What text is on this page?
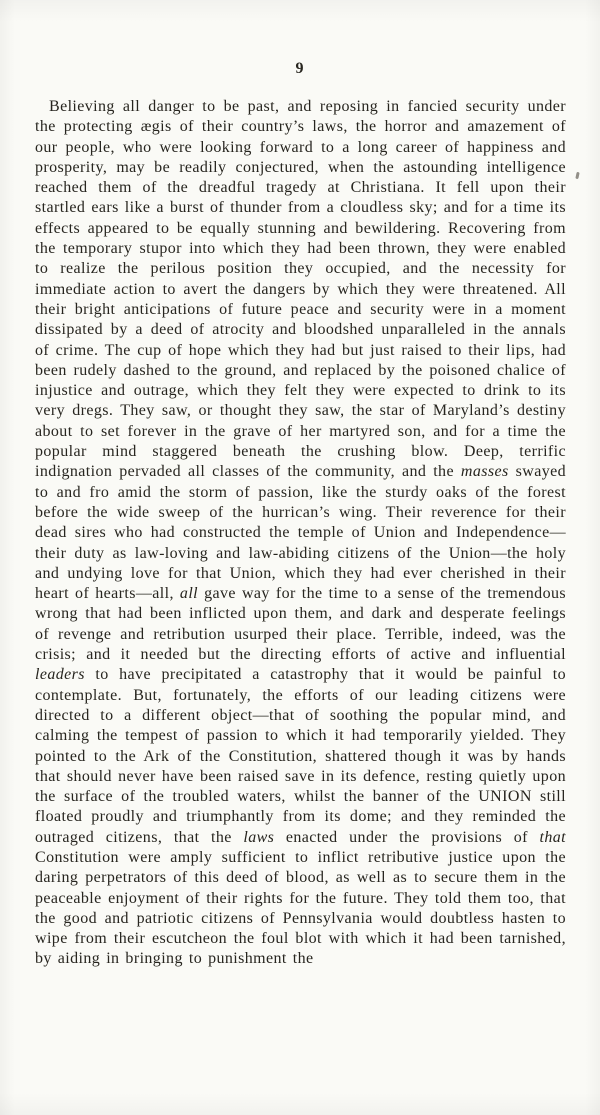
9

Believing all danger to be past, and reposing in fancied security under the protecting ægis of their country’s laws, the horror and amazement of our people, who were looking forward to a long career of happiness and prosperity, may be readily conjectured, when the astounding intelligence reached them of the dreadful tragedy at Christiana. It fell upon their startled ears like a burst of thunder from a cloudless sky; and for a time its effects appeared to be equally stunning and bewildering. Recovering from the temporary stupor into which they had been thrown, they were enabled to realize the perilous position they occupied, and the necessity for immediate action to avert the dangers by which they were threatened. All their bright anticipations of future peace and security were in a moment dissipated by a deed of atrocity and bloodshed unparalleled in the annals of crime. The cup of hope which they had but just raised to their lips, had been rudely dashed to the ground, and replaced by the poisoned chalice of injustice and outrage, which they felt they were expected to drink to its very dregs. They saw, or thought they saw, the star of Maryland’s destiny about to set forever in the grave of her martyred son, and for a time the popular mind staggered beneath the crushing blow. Deep, terrific indignation pervaded all classes of the community, and the masses swayed to and fro amid the storm of passion, like the sturdy oaks of the forest before the wide sweep of the hurrican’s wing. Their reverence for their dead sires who had constructed the temple of Union and Independence—their duty as law-loving and law-abiding citizens of the Union—the holy and undying love for that Union, which they had ever cherished in their heart of hearts—all, all gave way for the time to a sense of the tremendous wrong that had been inflicted upon them, and dark and desperate feelings of revenge and retribution usurped their place. Terrible, indeed, was the crisis; and it needed but the directing efforts of active and influential leaders to have precipitated a catastrophy that it would be painful to contemplate. But, fortunately, the efforts of our leading citizens were directed to a different object—that of soothing the popular mind, and calming the tempest of passion to which it had temporarily yielded. They pointed to the Ark of the Constitution, shattered though it was by hands that should never have been raised save in its defence, resting quietly upon the surface of the troubled waters, whilst the banner of the UNION still floated proudly and triumphantly from its dome; and they reminded the outraged citizens, that the laws enacted under the provisions of that Constitution were amply sufficient to inflict retributive justice upon the daring perpetrators of this deed of blood, as well as to secure them in the peaceable enjoyment of their rights for the future. They told them too, that the good and patriotic citizens of Pennsylvania would doubtless hasten to wipe from their escutcheon the foul blot with which it had been tarnished, by aiding in bringing to punishment the
